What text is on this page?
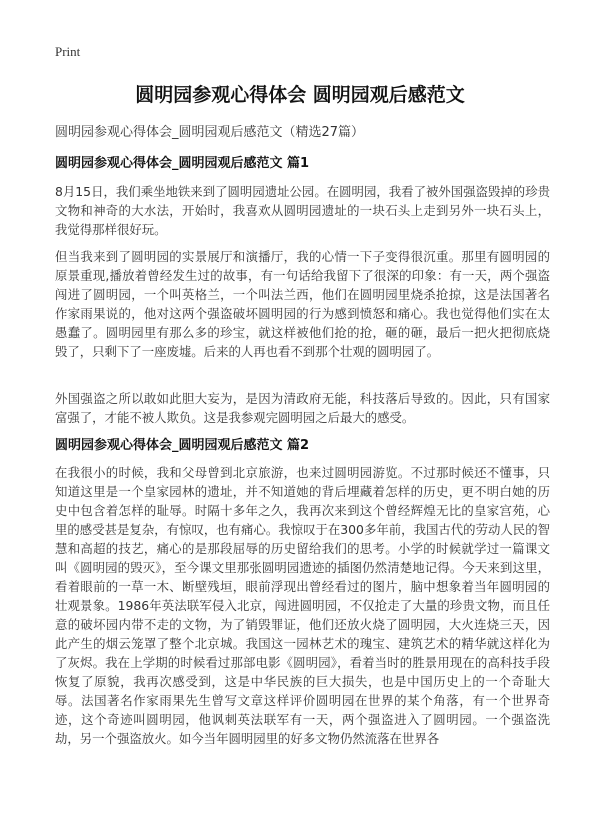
Print
圆明园参观心得体会 圆明园观后感范文

圆明园参观心得体会_圆明园观后感范文（精选27篇）

圆明园参观心得体会_圆明园观后感范文 篇1

8月15日，我们乘坐地铁来到了圆明园遗址公园。在圆明园，我看了被外国强盗毁掉的珍贵文物和神奇的大水法，开始时，我喜欢从圆明园遗址的一块石头上走到另外一块石头上，我觉得那样很好玩。

但当我来到了圆明园的实景展厅和演播厅，我的心情一下子变得很沉重。那里有圆明园的原景重现,播放着曾经发生过的故事，有一句话给我留下了很深的印象：有一天，两个强盗闯进了圆明园，一个叫英格兰，一个叫法兰西，他们在圆明园里烧杀抢掠，这是法国著名作家雨果说的，他对这两个强盗破坏圆明园的行为感到愤怒和痛心。我也觉得他们实在太愚蠢了。圆明园里有那么多的珍宝，就这样被他们抢的抢，砸的砸，最后一把火把彻底烧毁了，只剩下了一座废墟。后来的人再也看不到那个壮观的圆明园了。

外国强盗之所以敢如此胆大妄为，是因为清政府无能，科技落后导致的。因此，只有国家富强了，才能不被人欺负。这是我参观完圆明园之后最大的感受。

圆明园参观心得体会_圆明园观后感范文 篇2

在我很小的时候，我和父母曾到北京旅游，也来过圆明园游览。不过那时候还不懂事，只知道这里是一个皇家园林的遗址，并不知道她的背后埋藏着怎样的历史，更不明白她的历史中包含着怎样的耻辱。时隔十多年之久，我再次来到这个曾经辉煌无比的皇家宫苑，心里的感受甚是复杂，有惊叹，也有痛心。我惊叹于在300多年前，我国古代的劳动人民的智慧和高超的技艺，痛心的是那段屈辱的历史留给我们的思考。小学的时候就学过一篇课文叫《圆明园的毁灭》，至今课文里那张圆明园遗迹的插图仍然清楚地记得。今天来到这里，看着眼前的一草一木、断壁残垣，眼前浮现出曾经看过的图片，脑中想象着当年圆明园的壮观景象。1986年英法联军侵入北京，闯进圆明园，不仅抢走了大量的珍贵文物，而且任意的破坏园内带不走的文物，为了销毁罪证，他们还放火烧了圆明园，大火连烧三天，因此产生的烟云笼罩了整个北京城。我国这一园林艺术的瑰宝、建筑艺术的精华就这样化为了灰烬。我在上学期的时候看过那部电影《圆明园》，看着当时的胜景用现在的高科技手段恢复了原貌，我再次感受到，这是中华民族的巨大损失，也是中国历史上的一个奇耻大辱。法国著名作家雨果先生曾写文章这样评价圆明园在世界的某个角落，有一个世界奇迹，这个奇迹叫圆明园，他讽刺英法联军有一天，两个强盗进入了圆明园。一个强盗洗劫，另一个强盗放火。如今当年圆明园里的好多文物仍然流落在世界各
